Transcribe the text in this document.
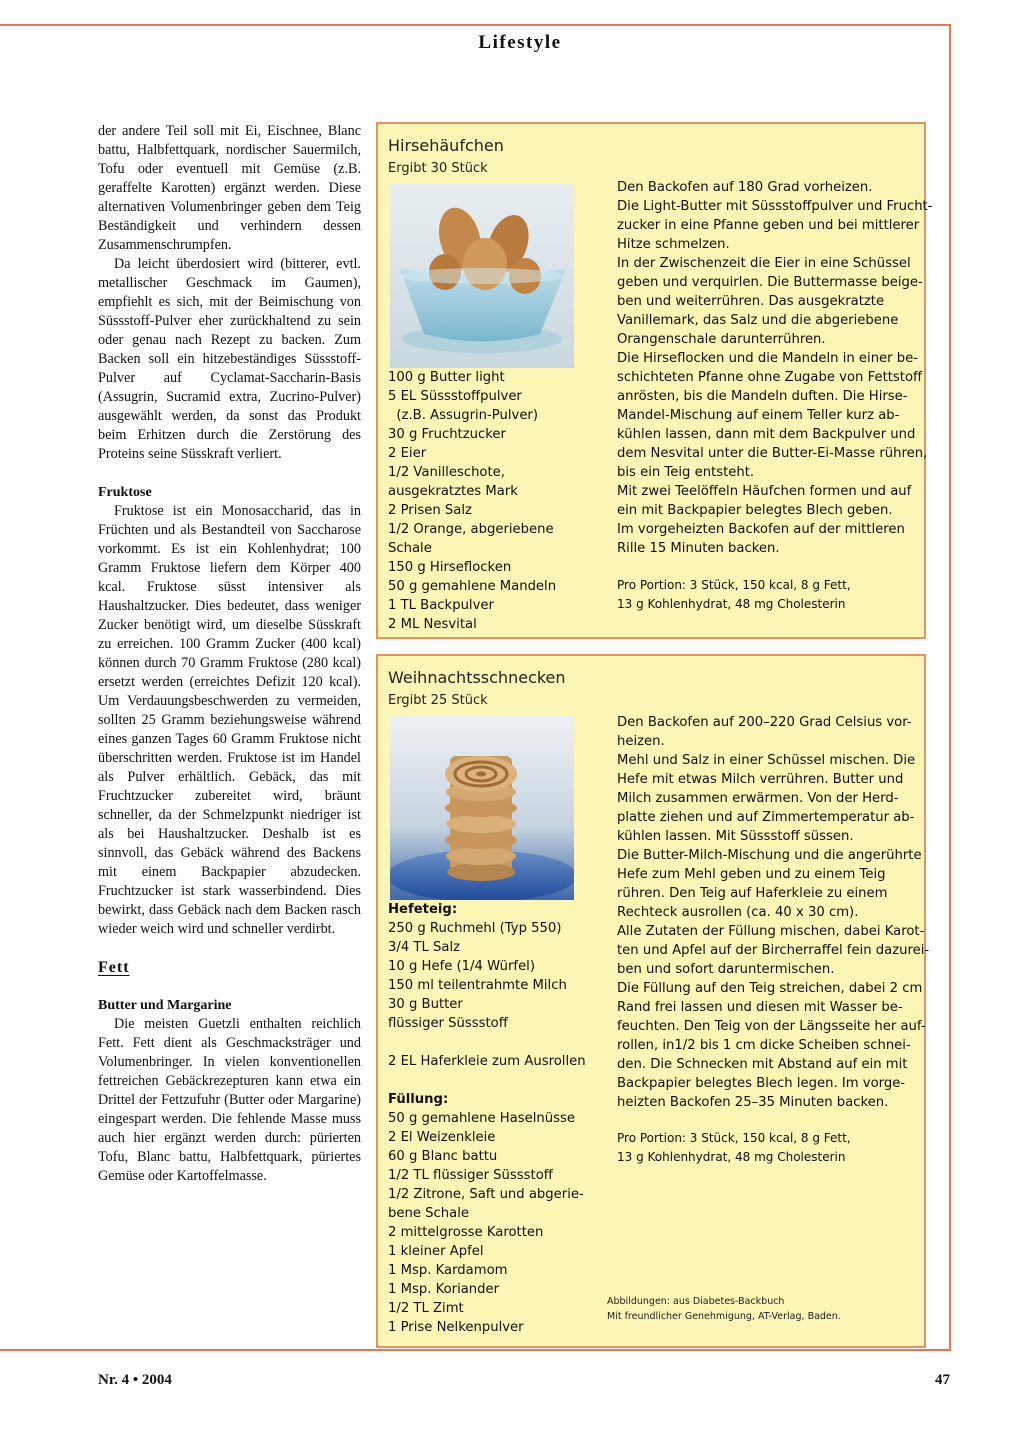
Lifestyle

der andere Teil soll mit Ei, Eischnee, Blanc battu, Halbfettquark, nordischer Sauermilch, Tofu oder eventuell mit Gemüse (z.B. geraffelte Karotten) ergänzt werden. Diese alternativen Volumenbringer geben dem Teig Beständigkeit und verhindern dessen Zusammenschrumpfen.

Da leicht überdosiert wird (bitterer, evtl. metallischer Geschmack im Gaumen), empfiehlt es sich, mit der Beimischung von Süssstoff-Pulver eher zurückhaltend zu sein oder genau nach Rezept zu backen. Zum Backen soll ein hitzebeständiges Süssstoff-Pulver auf Cyclamat-Saccharin-Basis (Assugrin, Sucramid extra, Zucrino-Pulver) ausgewählt werden, da sonst das Produkt beim Erhitzen durch die Zerstörung des Proteins seine Süsskraft verliert.

Fruktose

Fruktose ist ein Monosaccharid, das in Früchten und als Bestandteil von Saccharose vorkommt. Es ist ein Kohlenhydrat; 100 Gramm Fruktose liefern dem Körper 400 kcal. Fruktose süsst intensiver als Haushaltzucker. Dies bedeutet, dass weniger Zucker benötigt wird, um dieselbe Süsskraft zu erreichen. 100 Gramm Zucker (400 kcal) können durch 70 Gramm Fruktose (280 kcal) ersetzt werden (erreichtes Defizit 120 kcal). Um Verdauungsbeschwerden zu vermeiden, sollten 25 Gramm beziehungsweise während eines ganzen Tages 60 Gramm Fruktose nicht überschritten werden. Fruktose ist im Handel als Pulver erhältlich. Gebäck, das mit Fruchtzucker zubereitet wird, bräunt schneller, da der Schmelzpunkt niedriger ist als bei Haushaltzucker. Deshalb ist es sinnvoll, das Gebäck während des Backens mit einem Backpapier abzudecken. Fruchtzucker ist stark wasserbindend. Dies bewirkt, dass Gebäck nach dem Backen rasch wieder weich wird und schneller verdirbt.

Fett
Butter und Margarine

Die meisten Guetzli enthalten reichlich Fett. Fett dient als Geschmacksträger und Volumenbringer. In vielen konventionellen fettreichen Gebäckrezepturen kann etwa ein Drittel der Fettzufuhr (Butter oder Margarine) eingespart werden. Die fehlende Masse muss auch hier ergänzt werden durch: pürierten Tofu, Blanc battu, Halbfettquark, püriertes Gemüse oder Kartoffelmasse.

Hirsehäufchen
Ergibt 30 Stück
100 g Butter light
5 EL Süssstoffpulver
(z.B. Assugrin-Pulver)
30 g Fruchtzucker
2 Eier
1/2 Vanilleschote,
ausgekratztes Mark
2 Prisen Salz
1/2 Orange, abgeriebene
Schale
150 g Hirseflocken
50 g gemahlene Mandeln
1 TL Backpulver
2 ML Nesvital
Den Backofen auf 180 Grad vorheizen.
Die Light-Butter mit Süssstoffpulver und Frucht-
zucker in eine Pfanne geben und bei mittlerer
Hitze schmelzen.
In der Zwischenzeit die Eier in eine Schüssel
geben und verquirlen. Die Buttermasse beige-
ben und weiterrühren. Das ausgekratzte
Vanillemark, das Salz und die abgeriebene
Orangenschale darunterrühren.
Die Hirseflocken und die Mandeln in einer be-
schichteten Pfanne ohne Zugabe von Fettstoff
anrösten, bis die Mandeln duften. Die Hirse-
Mandel-Mischung auf einem Teller kurz ab-
kühlen lassen, dann mit dem Backpulver und
dem Nesvital unter die Butter-Ei-Masse rühren,
bis ein Teig entsteht.
Mit zwei Teelöffeln Häufchen formen und auf
ein mit Backpapier belegtes Blech geben.
Im vorgeheizten Backofen auf der mittleren
Rille 15 Minuten backen.
Pro Portion: 3 Stück, 150 kcal, 8 g Fett,
13 g Kohlenhydrat, 48 mg Cholesterin
Weihnachtsschnecken
Ergibt 25 Stück
Hefeteig:
250 g Ruchmehl (Typ 550)
3/4 TL Salz
10 g Hefe (1/4 Würfel)
150 ml teilentrahmte Milch
30 g Butter
flüssiger Süssstoff
2 EL Haferkleie zum Ausrollen
Füllung:
50 g gemahlene Haselnüsse
2 El Weizenkleie
60 g Blanc battu
1/2 TL flüssiger Süssstoff
1/2 Zitrone, Saft und abgerie-
bene Schale
2 mittelgrosse Karotten
1 kleiner Apfel
1 Msp. Kardamom
1 Msp. Koriander
1/2 TL Zimt
1 Prise Nelkenpulver
Den Backofen auf 200–220 Grad Celsius vor-
heizen.
Mehl und Salz in einer Schüssel mischen. Die
Hefe mit etwas Milch verrühren. Butter und
Milch zusammen erwärmen. Von der Herd-
platte ziehen und auf Zimmertemperatur ab-
kühlen lassen. Mit Süssstoff süssen.
Die Butter-Milch-Mischung und die angerührte
Hefe zum Mehl geben und zu einem Teig
rühren. Den Teig auf Haferkleie zu einem
Rechteck ausrollen (ca. 40 x 30 cm).
Alle Zutaten der Füllung mischen, dabei Karot-
ten und Apfel auf der Bircherraffel fein dazurei-
ben und sofort daruntermischen.
Die Füllung auf den Teig streichen, dabei 2 cm
Rand frei lassen und diesen mit Wasser be-
feuchten. Den Teig von der Längsseite her auf-
rollen, in1/2 bis 1 cm dicke Scheiben schnei-
den. Die Schnecken mit Abstand auf ein mit
Backpapier belegtes Blech legen. Im vorge-
heizten Backofen 25–35 Minuten backen.
Pro Portion: 3 Stück, 150 kcal, 8 g Fett,
13 g Kohlenhydrat, 48 mg Cholesterin
Abbildungen: aus Diabetes-Backbuch
Mit freundlicher Genehmigung, AT-Verlag, Baden.
Nr. 4 • 2004	47
